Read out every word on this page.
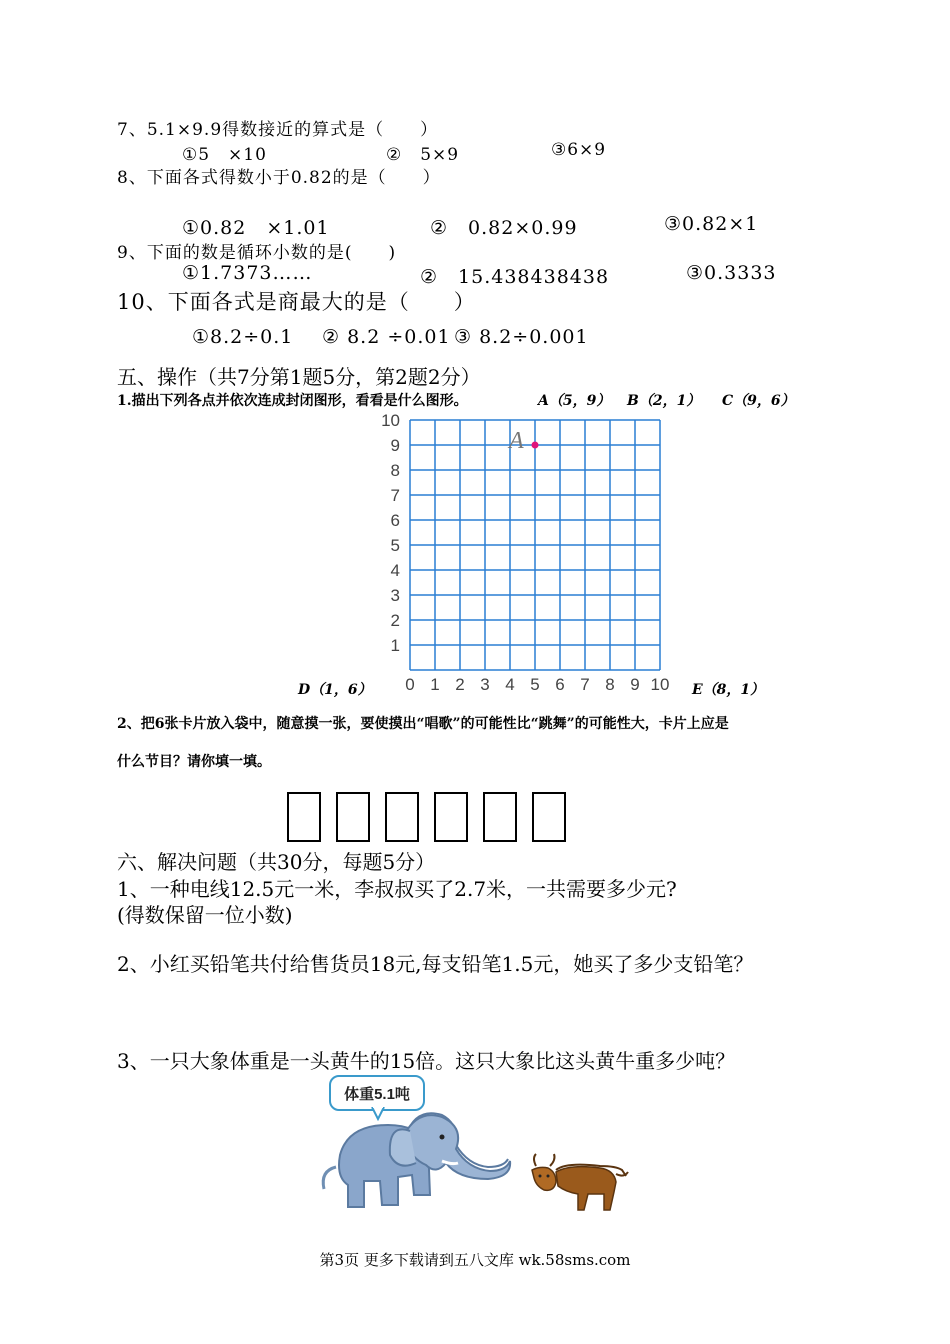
7、5.1×9.9得数接近的算式是（　　）
①5　×10	②　5×9	③6×9
8、下面各式得数小于0.82的是（　　）
①0.82　×1.01	②　0.82×0.99	③0.82×1
9、下面的数是循环小数的是(　　)
①1.7373……	②　15.438438438	③0.3333
10、下面各式是商最大的是（　　）
①8.2÷0.1 ② 8.2 ÷0.01 ③ 8.2÷0.001
五、操作（共7分第1题5分，第2题2分）
1.描出下列各点并依次连成封闭图形，看看是什么图形。	A（5，9） B（2，1） C（9，6）
0 1 2 3 4 5 6 7 8 9 10
1
2
3
4
5
6
7
8
9
10
A
D（1，6）	E（8，1）
2、把6张卡片放入袋中，随意摸一张，要使摸出“唱歌”的可能性比“跳舞”的可能性大，卡片上应是
什么节目？请你填一填。
六、解决问题（共30分，每题5分）
1、一种电线12.5元一米，李叔叔买了2.7米，一共需要多少元?
(得数保留一位小数)
2、小红买铅笔共付给售货员18元,每支铅笔1.5元，她买了多少支铅笔？
3、一只大象体重是一头黄牛的15倍。这只大象比这头黄牛重多少吨？
体重5.1吨
第3页 更多下载请到五八文库 wk.58sms.com
